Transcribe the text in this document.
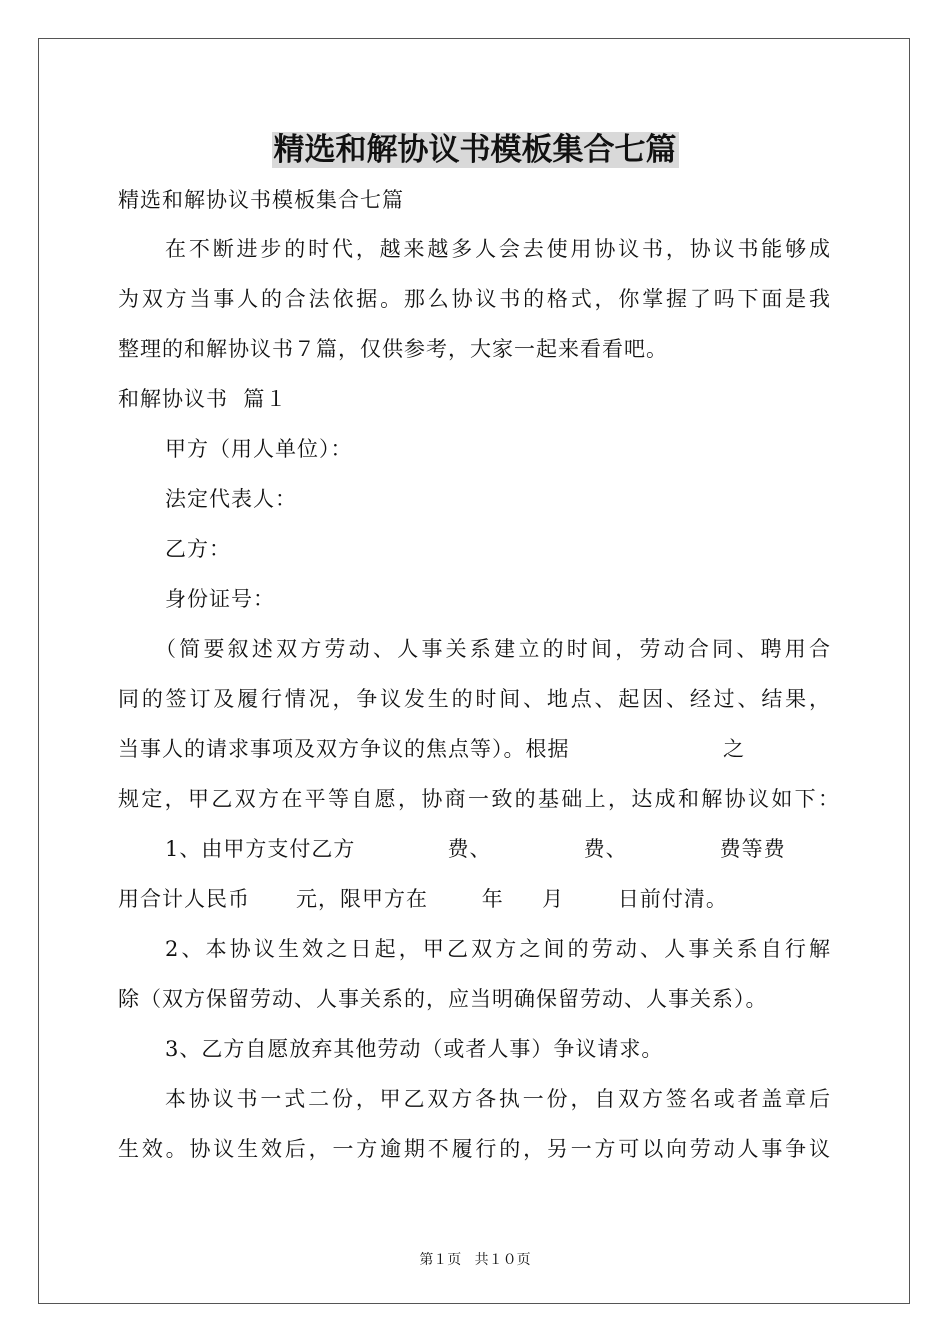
精选和解协议书模板集合七篇
精选和解协议书模板集合七篇
在不断进步的时代，越来越多人会去使用协议书，协议书能够成
为双方当事人的合法依据。那么协议书的格式，你掌握了吗下面是我
整理的和解协议书７篇，仅供参考，大家一起来看看吧。
和解协议书  篇１
甲方（用人单位）：
法定代表人：
乙方：
身份证号：
（简要叙述双方劳动、人事关系建立的时间，劳动合同、聘用合
同的签订及履行情况，争议发生的时间、地点、起因、经过、结果，
当事人的请求事项及双方争议的焦点等）。根据                    之
规定，甲乙双方在平等自愿，协商一致的基础上，达成和解协议如下：
1、由甲方支付乙方            费、            费、            费等费
用合计人民币      元，限甲方在       年     月       日前付清。
2、本协议生效之日起，甲乙双方之间的劳动、人事关系自行解
除（双方保留劳动、人事关系的，应当明确保留劳动、人事关系）。
3、乙方自愿放弃其他劳动（或者人事）争议请求。
本协议书一式二份，甲乙双方各执一份，自双方签名或者盖章后
生效。协议生效后，一方逾期不履行的，另一方可以向劳动人事争议
第１页   共１０页
